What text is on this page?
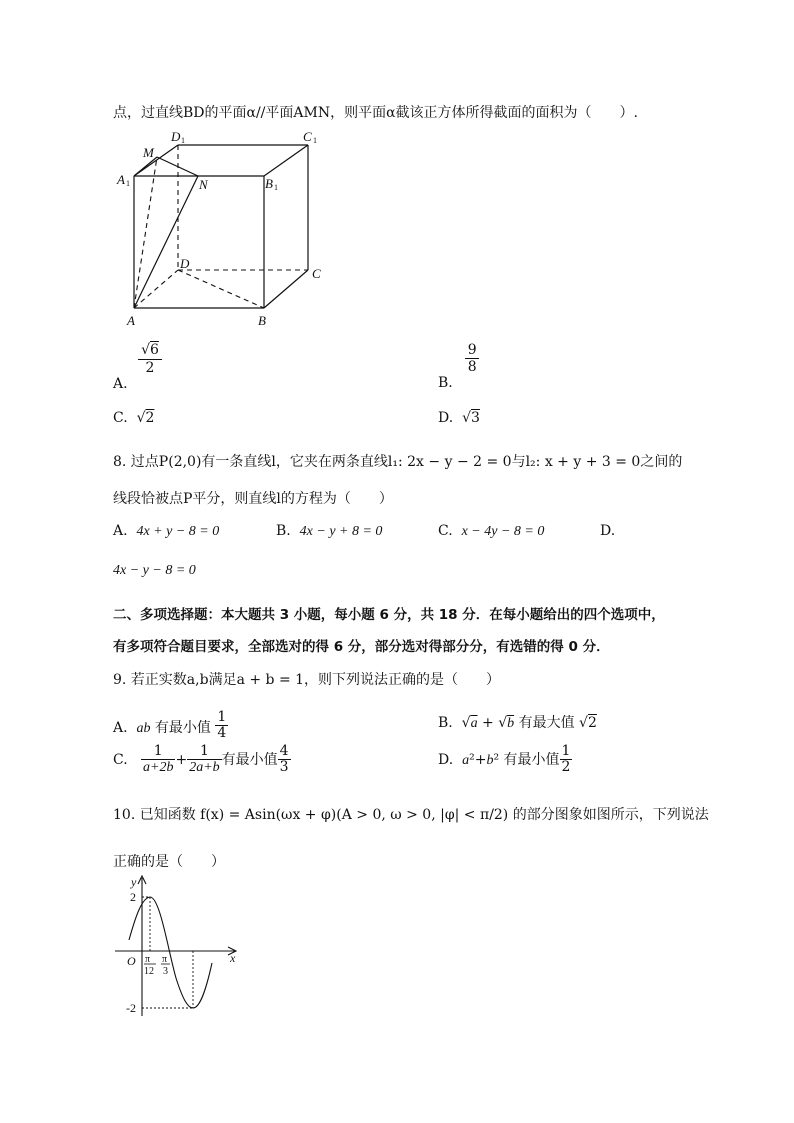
点，过直线BD的平面α//平面AMN，则平面α截该正方体所得截面的面积为（　　）.
D 1	C 1
M
A 1	N	B 1
D
C
A	B
A.
$\frac{√6}{2}$
B.
$\frac{9}{8}$
C.  √2	D.  √3
8. 过点P(2,0)有一条直线l，它夹在两条直线l₁: 2x − y − 2 = 0与l₂: x + y + 3 = 0之间的
线段恰被点P平分，则直线l的方程为（　　）
A. 4x + y − 8 = 0	B. 4x − y + 8 = 0	C. x − 4y − 8 = 0	D.
4x − y − 8 = 0
二、多项选择题：本大题共 3 小题，每小题 6 分，共 18 分．在每小题给出的四个选项中，
有多项符合题目要求，全部选对的得 6 分，部分选对得部分分，有选错的得 0 分．
9. 若正实数a,b满足a + b = 1，则下列说法正确的是（　　）
A. ab 有最小值 $\frac{1}{4}$	B.  √a + √b 有最大值 √2
C. $\frac{1}{a+2b} + \frac{1}{2a+b}$ 有最小值 $\frac{4}{3}$	D. a²+b² 有最小值 $\frac{1}{2}$
10. 已知函数 f(x) = Asin(ωx + φ)(A > 0, ω > 0, |φ| < π/2) 的部分图象如图所示，下列说法
正确的是（　　）
y
x
O
2
-2
π
12
π
3
